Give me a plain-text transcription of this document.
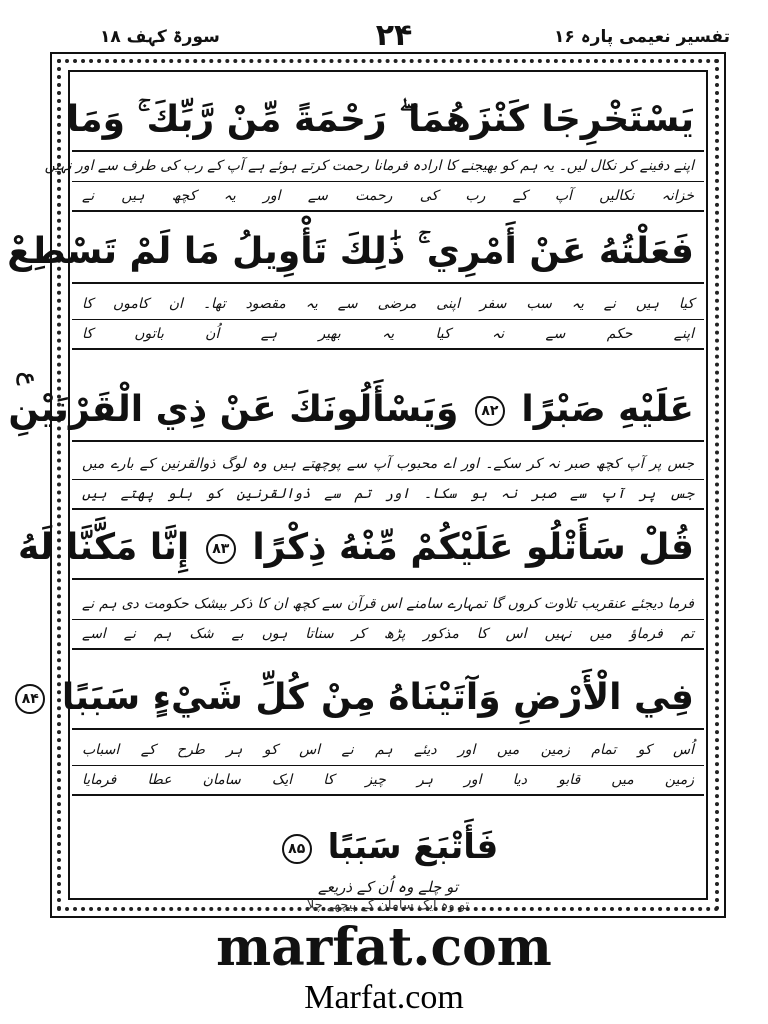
تفسیر نعیمی پارہ ۱۶
۲۴
سورۃ کہف ۱۸
ع
يَسْتَخْرِجَا كَنْزَهُمَا ۖ رَحْمَةً مِّنْ رَّبِّكَ ۚ وَمَا
اپنے دفینے کر نکال لیں۔ یہ ہم کو بھیجنے کا ارادہ فرمانا رحمت کرتے ہوئے ہے آپ کے رب کی طرف سے اور نہیں
خزانہ نکالیں آپ کے رب کی رحمت سے اور یہ کچھ ہیں نے
فَعَلْتُهُ عَنْ أَمْرِي ۚ ذَٰلِكَ تَأْوِيلُ مَا لَمْ تَسْطِعْ
کیا ہیں نے یہ سب سفر اپنی مرضی سے یہ مقصود تھا۔ ان کاموں کا
اپنے حکم سے نہ کیا یہ بھیر ہے اُن باتوں کا
عَلَيْهِ صَبْرًا ۸۲ وَيَسْأَلُونَكَ عَنْ ذِي الْقَرْنَيْنِ
جس پر آپ کچھ صبر نہ کر سکے۔ اور اے محبوب آپ سے پوچھتے ہیں وہ لوگ ذوالقرنین کے بارے میں
جس پر آپ سے صبر نہ ہو سکا۔ اور تم سے ذوالقرنین کو بلو پھتے ہیں
قُلْ سَأَتْلُو عَلَيْكُمْ مِّنْهُ ذِكْرًا ۸۳ إِنَّا مَكَّنَّا لَهُ
فرما دیجئے عنقریب تلاوت کروں گا تمہارے سامنے اس قرآن سے کچھ ان کا ذکر بیشک حکومت دی ہم نے
تم فرماؤ میں نہیں اس کا مذکور پڑھ کر سناتا ہوں بے شک ہم نے اسے
فِي الْأَرْضِ وَآتَيْنَاهُ مِنْ كُلِّ شَيْءٍ سَبَبًا ۸۴
اُس کو تمام زمین میں اور دیئے ہم نے اس کو ہر طرح کے اسباب
زمین میں قابو دیا اور ہر چیز کا ایک سامان عطا فرمایا
فَأَتْبَعَ سَبَبًا ۸۵
تو چلے وہ اُن کے ذریعے
تو وہ ایک سامان کے پیچھے چلا
marfat.com
Marfat.com
